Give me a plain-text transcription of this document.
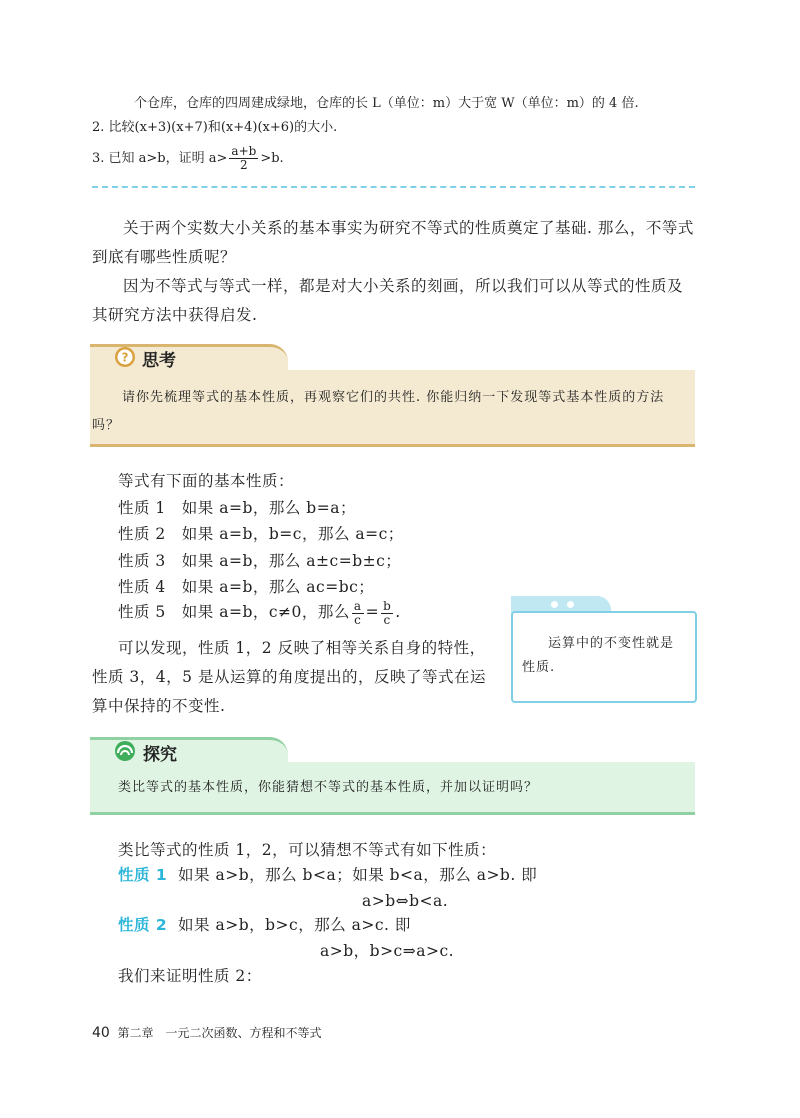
个仓库，仓库的四周建成绿地，仓库的长 L（单位：m）大于宽 W（单位：m）的 4 倍.
2. 比较(x+3)(x+7)和(x+4)(x+6)的大小.
3. 已知 a>b，证明 $a> \frac{a+b}{2} >b$.
关于两个实数大小关系的基本事实为研究不等式的性质奠定了基础. 那么，不等式到底有哪些性质呢？
因为不等式与等式一样，都是对大小关系的刻画，所以我们可以从等式的性质及其研究方法中获得启发.
? 思考
请你先梳理等式的基本性质，再观察它们的共性. 你能归纳一下发现等式基本性质的方法吗？
等式有下面的基本性质：
性质 1　如果 a=b，那么 b=a；
性质 2　如果 a=b，b=c，那么 a=c；
性质 3　如果 a=b，那么 a±c=b±c；
性质 4　如果 a=b，那么 ac=bc；
性质 5　如果 a=b，c≠0，那么 $\frac{a}{c} = \frac{b}{c}$ .
可以发现，性质 1，2 反映了相等关系自身的特性，性质 3，4，5 是从运算的角度提出的，反映了等式在运算中保持的不变性.
运算中的不变性就是性质.
探究
类比等式的基本性质，你能猜想不等式的基本性质，并加以证明吗？
类比等式的性质 1，2，可以猜想不等式有如下性质：
性质 1 如果 a>b，那么 b<a；如果 b<a，那么 a>b. 即
a>b⇔b<a.
性质 2 如果 a>b，b>c，那么 a>c. 即
a>b，b>c⇒a>c.
我们来证明性质 2：
40 第二章　一元二次函数、方程和不等式
